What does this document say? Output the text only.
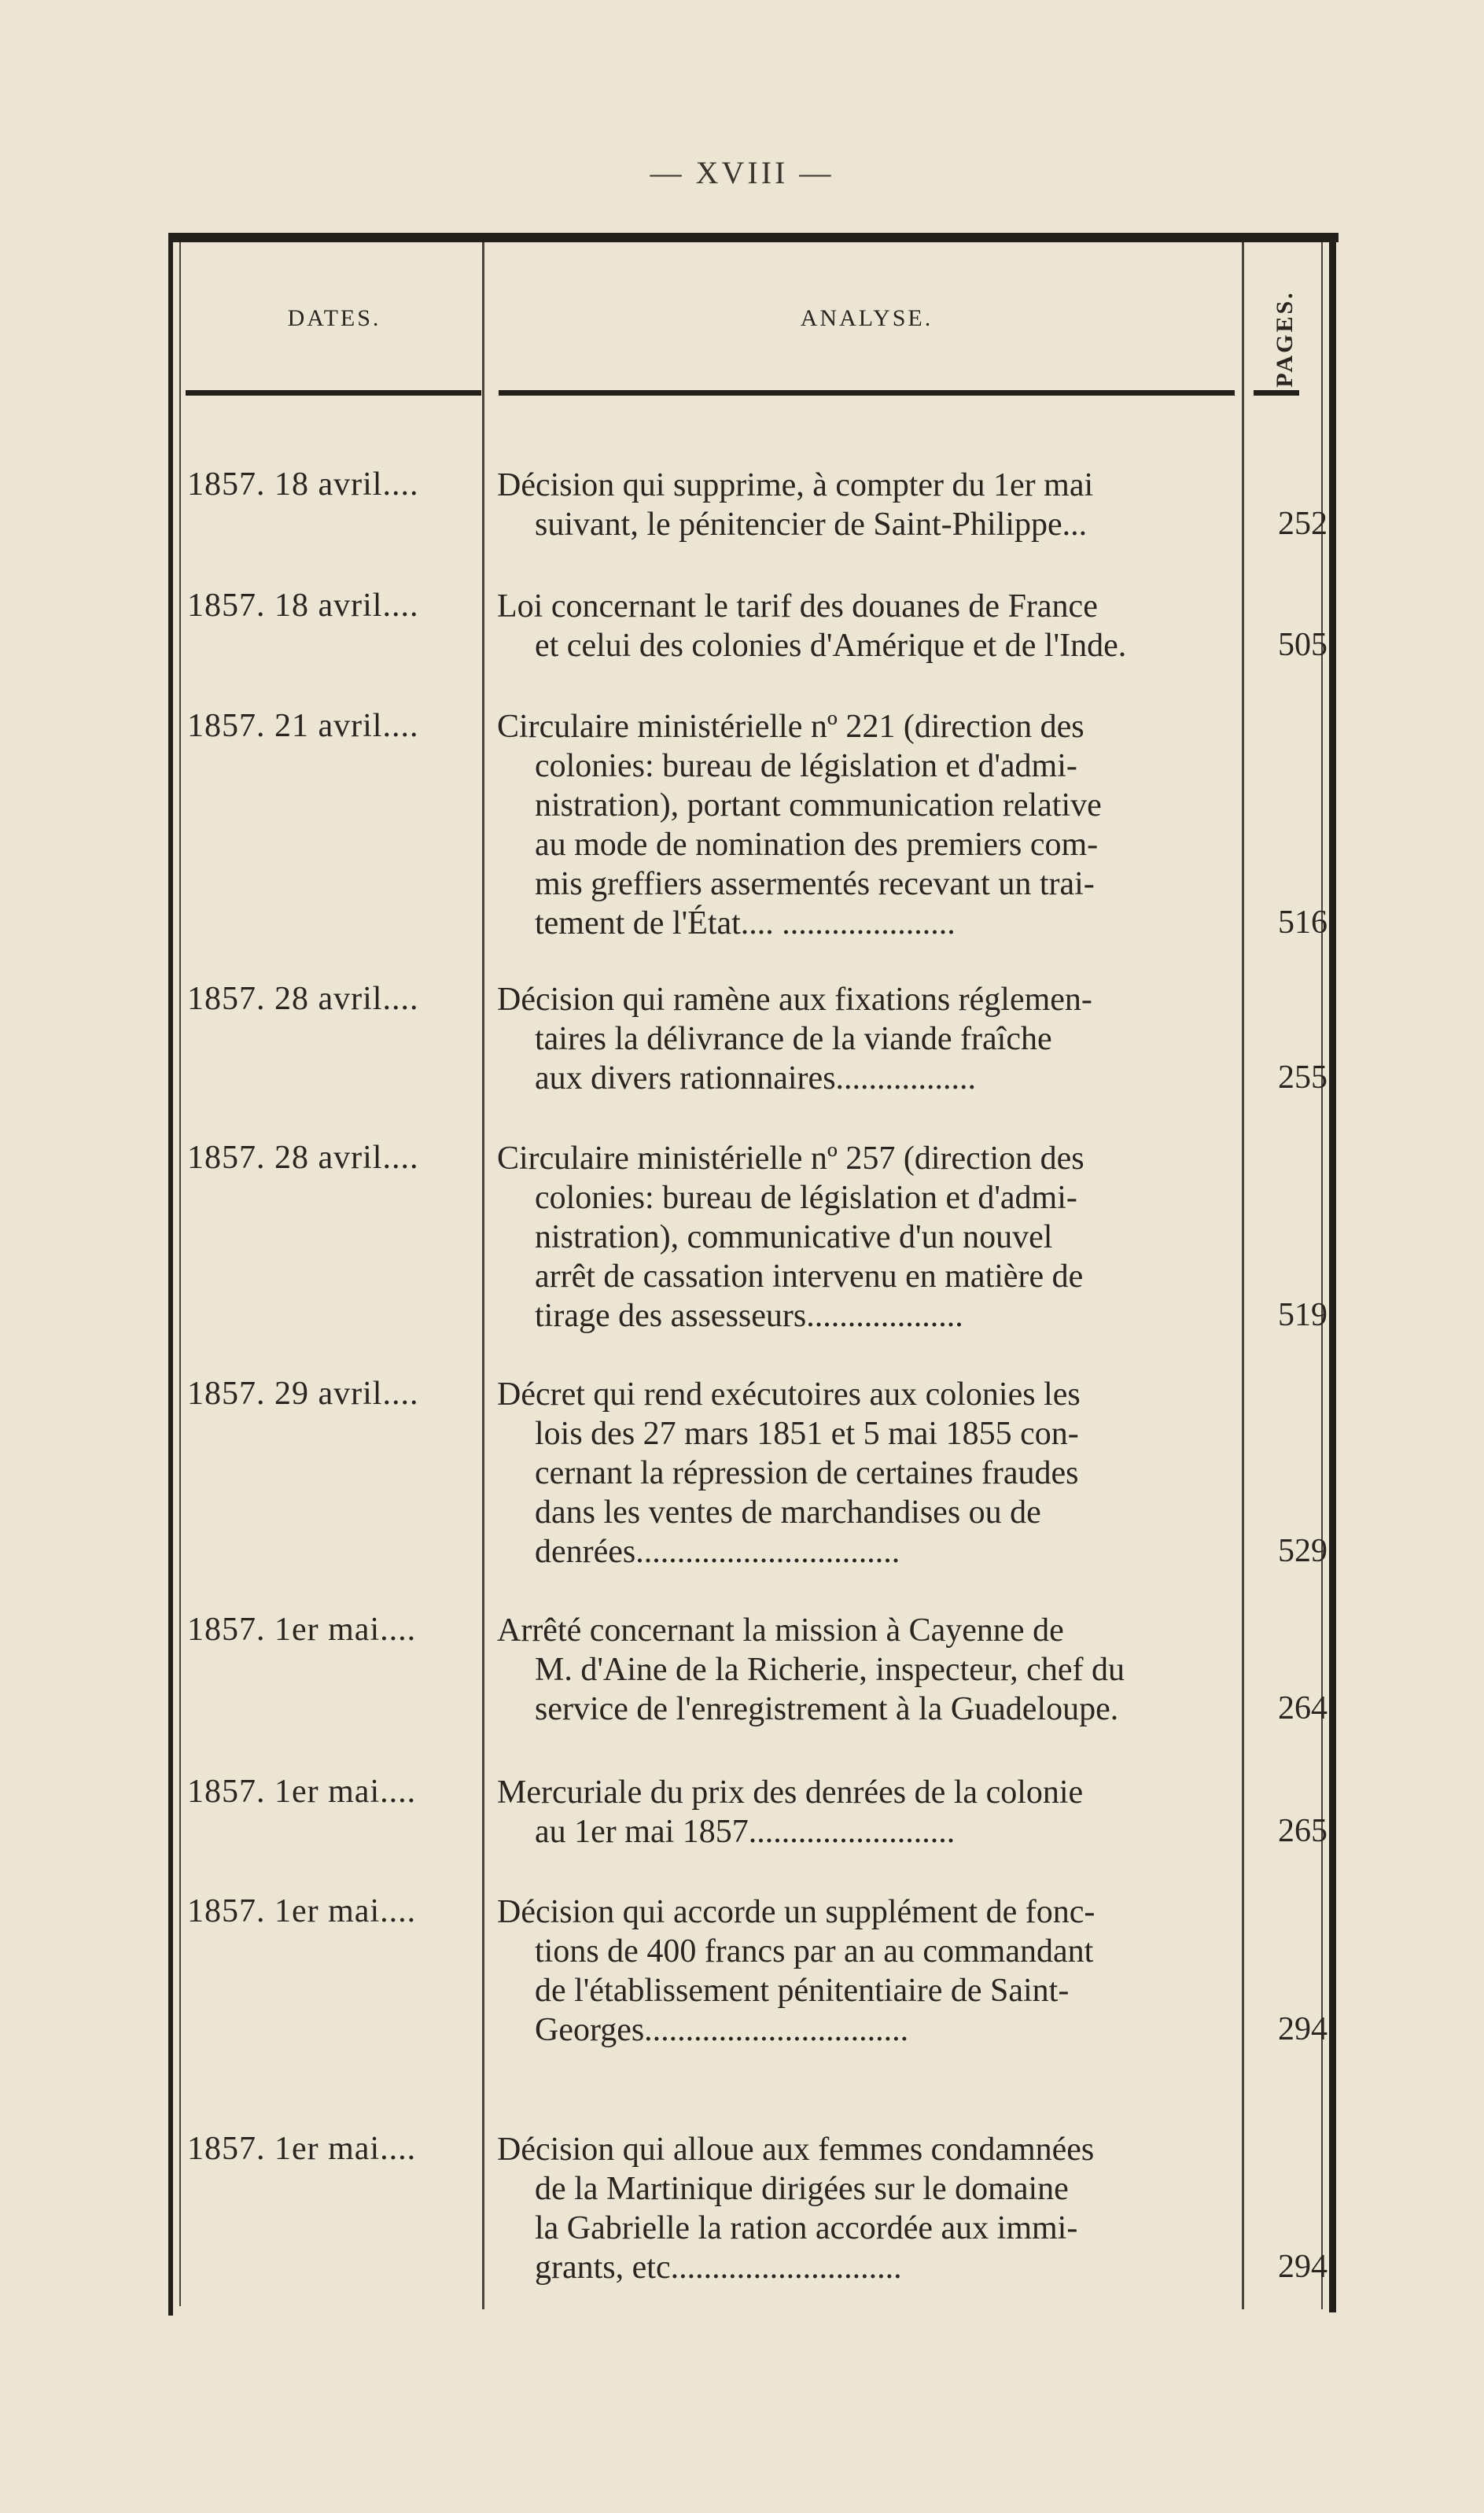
— XVIII —
DATES.	ANALYSE.	PAGES.
1857. 18 avril.... Décision qui supprime, à compter du 1er mai
suivant, le pénitencier de Saint-Philippe...	252
1857. 18 avril.... Loi concernant le tarif des douanes de France
et celui des colonies d'Amérique et de l'Inde.	505
1857. 21 avril.... Circulaire ministérielle nº 221 (direction des
colonies: bureau de législation et d'admi-
nistration), portant communication relative
au mode de nomination des premiers com-
mis greffiers assermentés recevant un trai-
tement de l'État.... .....................	516
1857. 28 avril.... Décision qui ramène aux fixations réglemen-
taires la délivrance de la viande fraîche
aux divers rationnaires.................	255
1857. 28 avril.... Circulaire ministérielle nº 257 (direction des
colonies: bureau de législation et d'admi-
nistration), communicative d'un nouvel
arrêt de cassation intervenu en matière de
tirage des assesseurs...................	519
1857. 29 avril.... Décret qui rend exécutoires aux colonies les
lois des 27 mars 1851 et 5 mai 1855 con-
cernant la répression de certaines fraudes
dans les ventes de marchandises ou de
denrées................................	529
1857. 1er mai.... Arrêté concernant la mission à Cayenne de
M. d'Aine de la Richerie, inspecteur, chef du
service de l'enregistrement à la Guadeloupe.	264
1857. 1er mai.... Mercuriale du prix des denrées de la colonie
au 1er mai 1857.........................	265
1857. 1er mai.... Décision qui accorde un supplément de fonc-
tions de 400 francs par an au commandant
de l'établissement pénitentiaire de Saint-
Georges................................	294
1857. 1er mai.... Décision qui alloue aux femmes condamnées
de la Martinique dirigées sur le domaine
la Gabrielle la ration accordée aux immi-
grants, etc............................	294
